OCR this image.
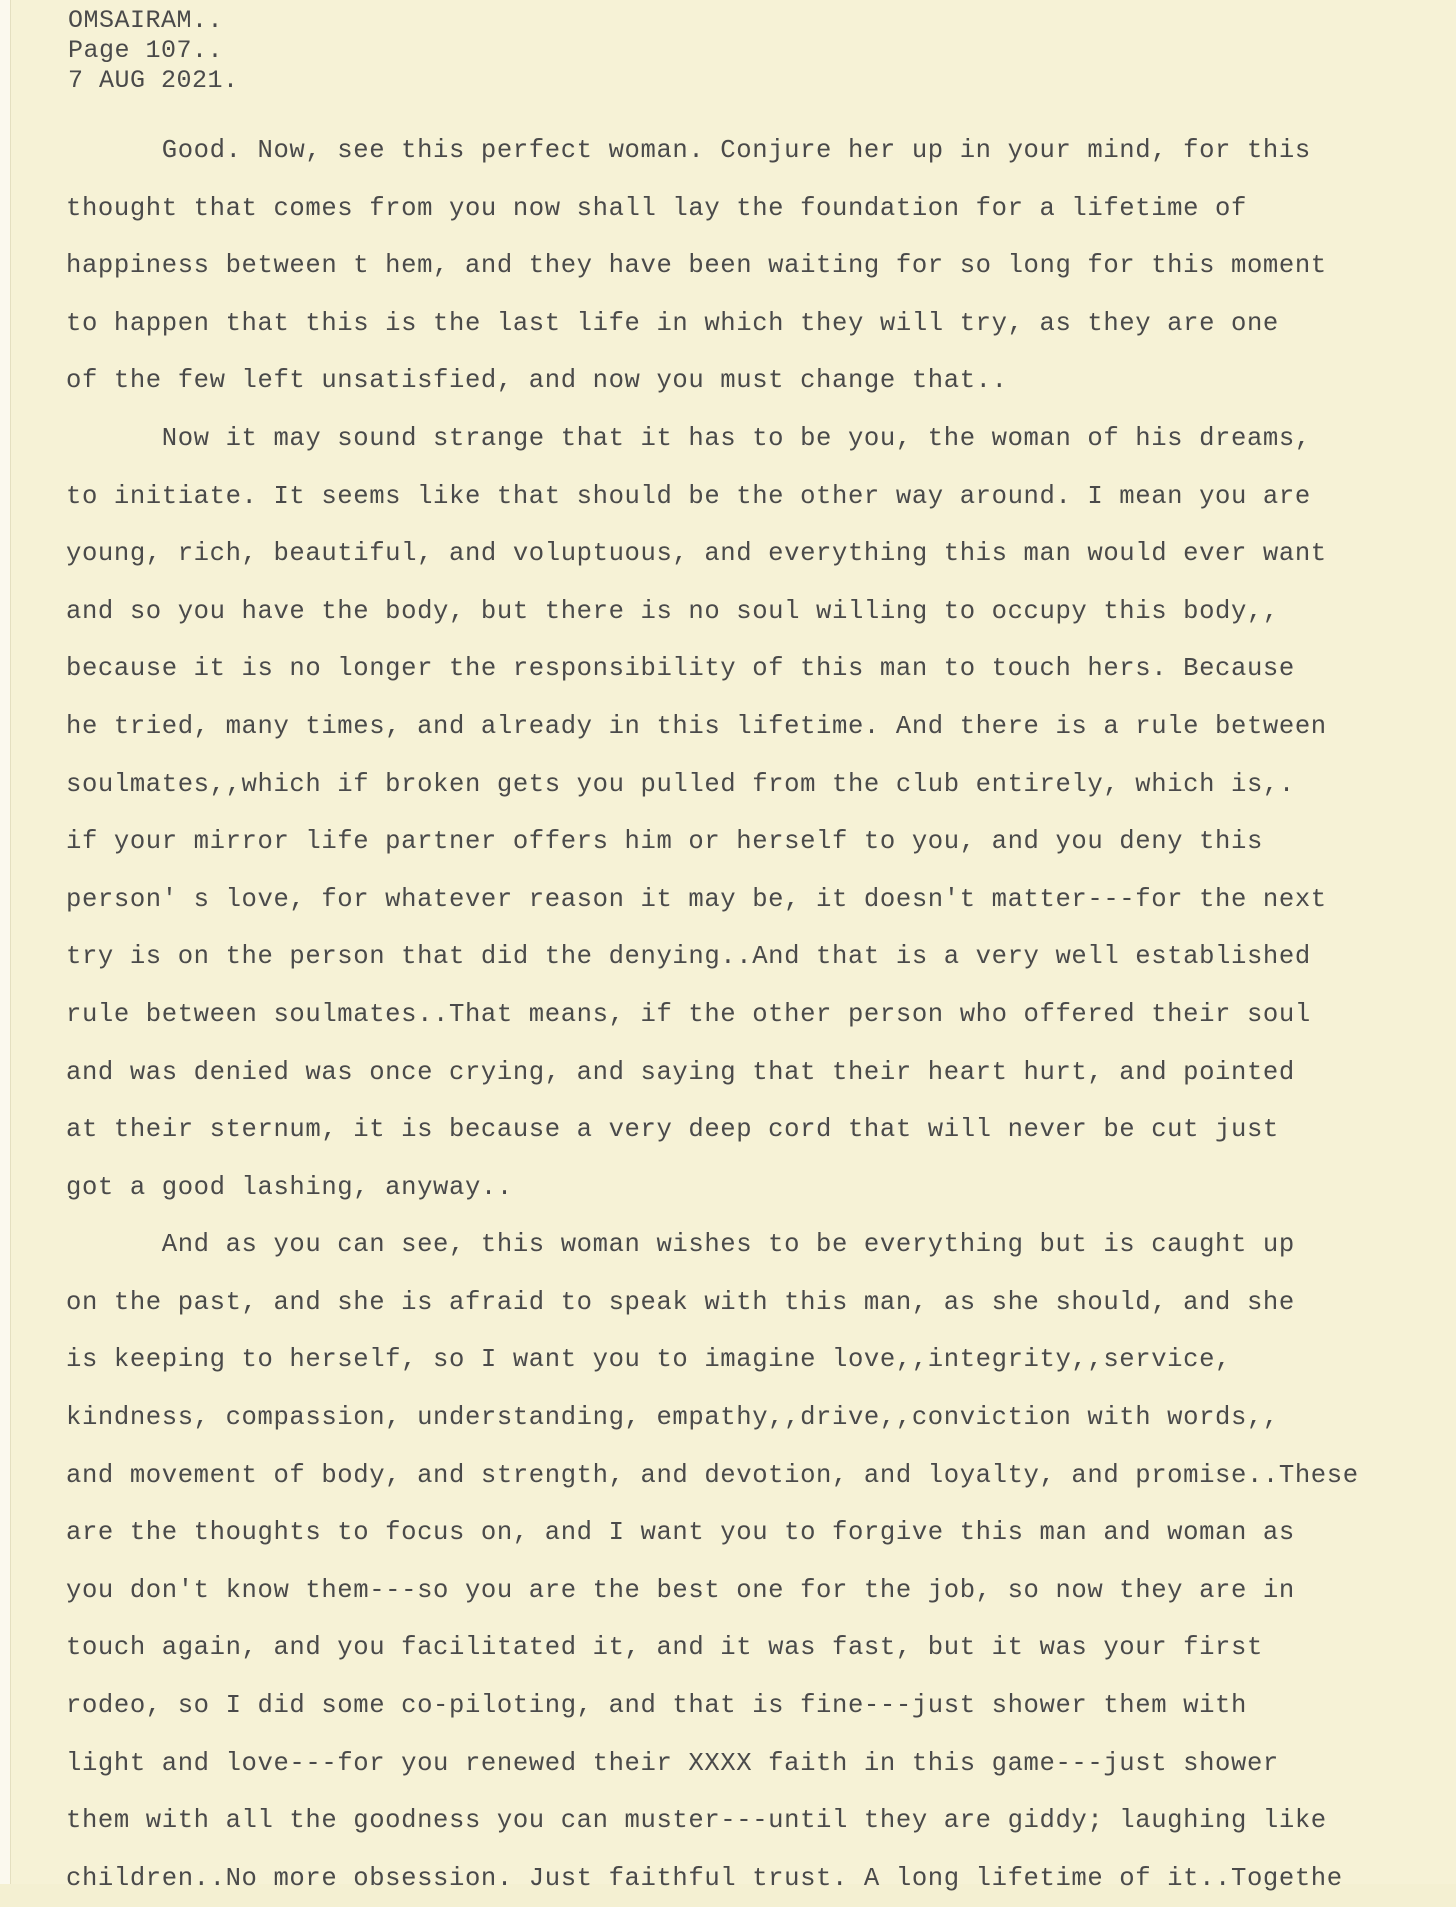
OMSAIRAM..
Page 107..
7 AUG 2021.
Good. Now, see this perfect woman. Conjure her up in your mind, for this
thought that comes from you now shall lay the foundation for a lifetime of
happiness between t hem, and they have been waiting for so long for this moment
to happen that this is the last life in which they will try, as they are one
of the few left unsatisfied, and now you must change that..
Now it may sound strange that it has to be you, the woman of his dreams,
to initiate. It seems like that should be the other way around. I mean you are
young, rich, beautiful, and voluptuous, and everything this man would ever want
and so you have the body, but there is no soul willing to occupy this body,,
because it is no longer the responsibility of this man to touch hers. Because
he tried, many times, and already in this lifetime. And there is a rule between
soulmates,,which if broken gets you pulled from the club entirely, which is,.
if your mirror life partner offers him or herself to you, and you deny this
person' s love, for whatever reason it may be, it doesn't matter---for the next
try is on the person that did the denying..And that is a very well established
rule between soulmates..That means, if the other person who offered their soul
and was denied was once crying, and saying that their heart hurt, and pointed
at their sternum, it is because a very deep cord that will never be cut just
got a good lashing, anyway..
And as you can see, this woman wishes to be everything but is caught up
on the past, and she is afraid to speak with this man, as she should, and she
is keeping to herself, so I want you to imagine love,,integrity,,service,
kindness, compassion, understanding, empathy,,drive,,conviction with words,,
and movement of body, and strength, and devotion, and loyalty, and promise..These
are the thoughts to focus on, and I want you to forgive this man and woman as
you don't know them---so you are the best one for the job, so now they are in
touch again, and you facilitated it, and it was fast, but it was your first
rodeo, so I did some co-piloting, and that is fine---just shower them with
light and love---for you renewed their XXXX faith in this game---just shower
them with all the goodness you can muster---until they are giddy; laughing like
children..No more obsession. Just faithful trust. A long lifetime of it..Togethe
